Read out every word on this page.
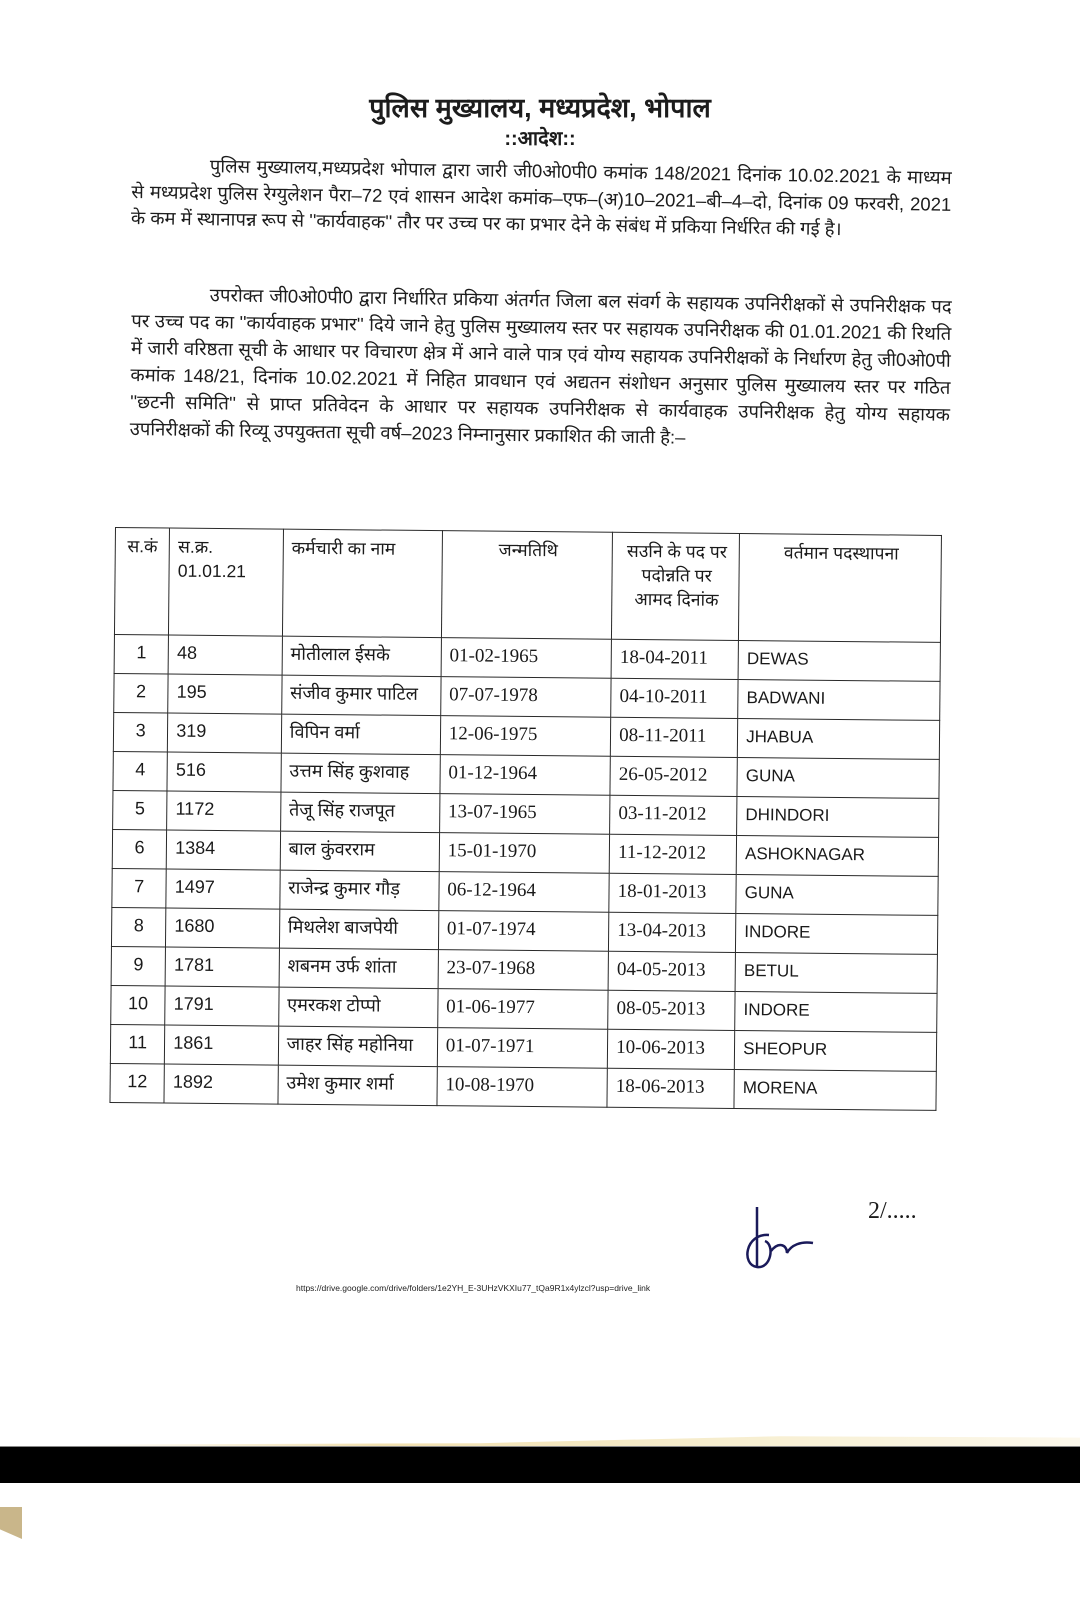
पुलिस मुख्यालय, मध्यप्रदेश, भोपाल
::आदेश::
पुलिस मुख्यालय,मध्यप्रदेश भोपाल द्वारा जारी जी0ओ0पी0 कमांक 148/2021 दिनांक 10.02.2021 के माध्यम से मध्यप्रदेश पुलिस रेग्युलेशन पैरा–72 एवं शासन आदेश कमांक–एफ–(अ)10–2021–बी–4–दो, दिनांक 09 फरवरी, 2021 के कम में स्थानापन्न रूप से ''कार्यवाहक'' तौर पर उच्च पर का प्रभार देने के संबंध में प्रकिया निर्धरित की गई है।
उपरोक्त जी0ओ0पी0 द्वारा निर्धारित प्रकिया अंतर्गत जिला बल संवर्ग के सहायक उपनिरीक्षकों से उपनिरीक्षक पद पर उच्च पद का ''कार्यवाहक प्रभार'' दिये जाने हेतु पुलिस मुख्यालय स्तर पर सहायक उपनिरीक्षक की 01.01.2021 की रिथति में जारी वरिष्ठता सूची के आधार पर विचारण क्षेत्र में आने वाले पात्र एवं योग्य सहायक उपनिरीक्षकों के निर्धारण हेतु जी0ओ0पी कमांक 148/21, दिनांक 10.02.2021 में निहित प्रावधान एवं अद्यतन संशोधन अनुसार पुलिस मुख्यालय स्तर पर गठित ''छटनी समिति'' से प्राप्त प्रतिवेदन के आधार पर सहायक उपनिरीक्षक से कार्यवाहक उपनिरीक्षक हेतु योग्य सहायक उपनिरीक्षकों की रिव्यू उपयुक्तता सूची वर्ष–2023 निम्नानुसार प्रकाशित की जाती है:–
स.कं	स.क्र. 01.01.21	कर्मचारी का नाम	जन्मतिथि	सउनि के पद पर पदोन्नति पर आमद दिनांक	वर्तमान पदस्थापना
1	48	मोतीलाल ईसके	01-02-1965	18-04-2011	DEWAS
2	195	संजीव कुमार पाटिल	07-07-1978	04-10-2011	BADWANI
3	319	विपिन वर्मा	12-06-1975	08-11-2011	JHABUA
4	516	उत्तम सिंह कुशवाह	01-12-1964	26-05-2012	GUNA
5	1172	तेजू सिंह राजपूत	13-07-1965	03-11-2012	DHINDORI
6	1384	बाल कुंवरराम	15-01-1970	11-12-2012	ASHOKNAGAR
7	1497	राजेन्द्र कुमार गौड़	06-12-1964	18-01-2013	GUNA
8	1680	मिथलेश बाजपेयी	01-07-1974	13-04-2013	INDORE
9	1781	शबनम उर्फ शांता	23-07-1968	04-05-2013	BETUL
10	1791	एमरकश टोप्पो	01-06-1977	08-05-2013	INDORE
11	1861	जाहर सिंह महोनिया	01-07-1971	10-06-2013	SHEOPUR
12	1892	उमेश कुमार शर्मा	10-08-1970	18-06-2013	MORENA
2/.....
https://drive.google.com/drive/folders/1e2YH_E-3UHzVKXIu77_tQa9R1x4ylzcl?usp=drive_link
